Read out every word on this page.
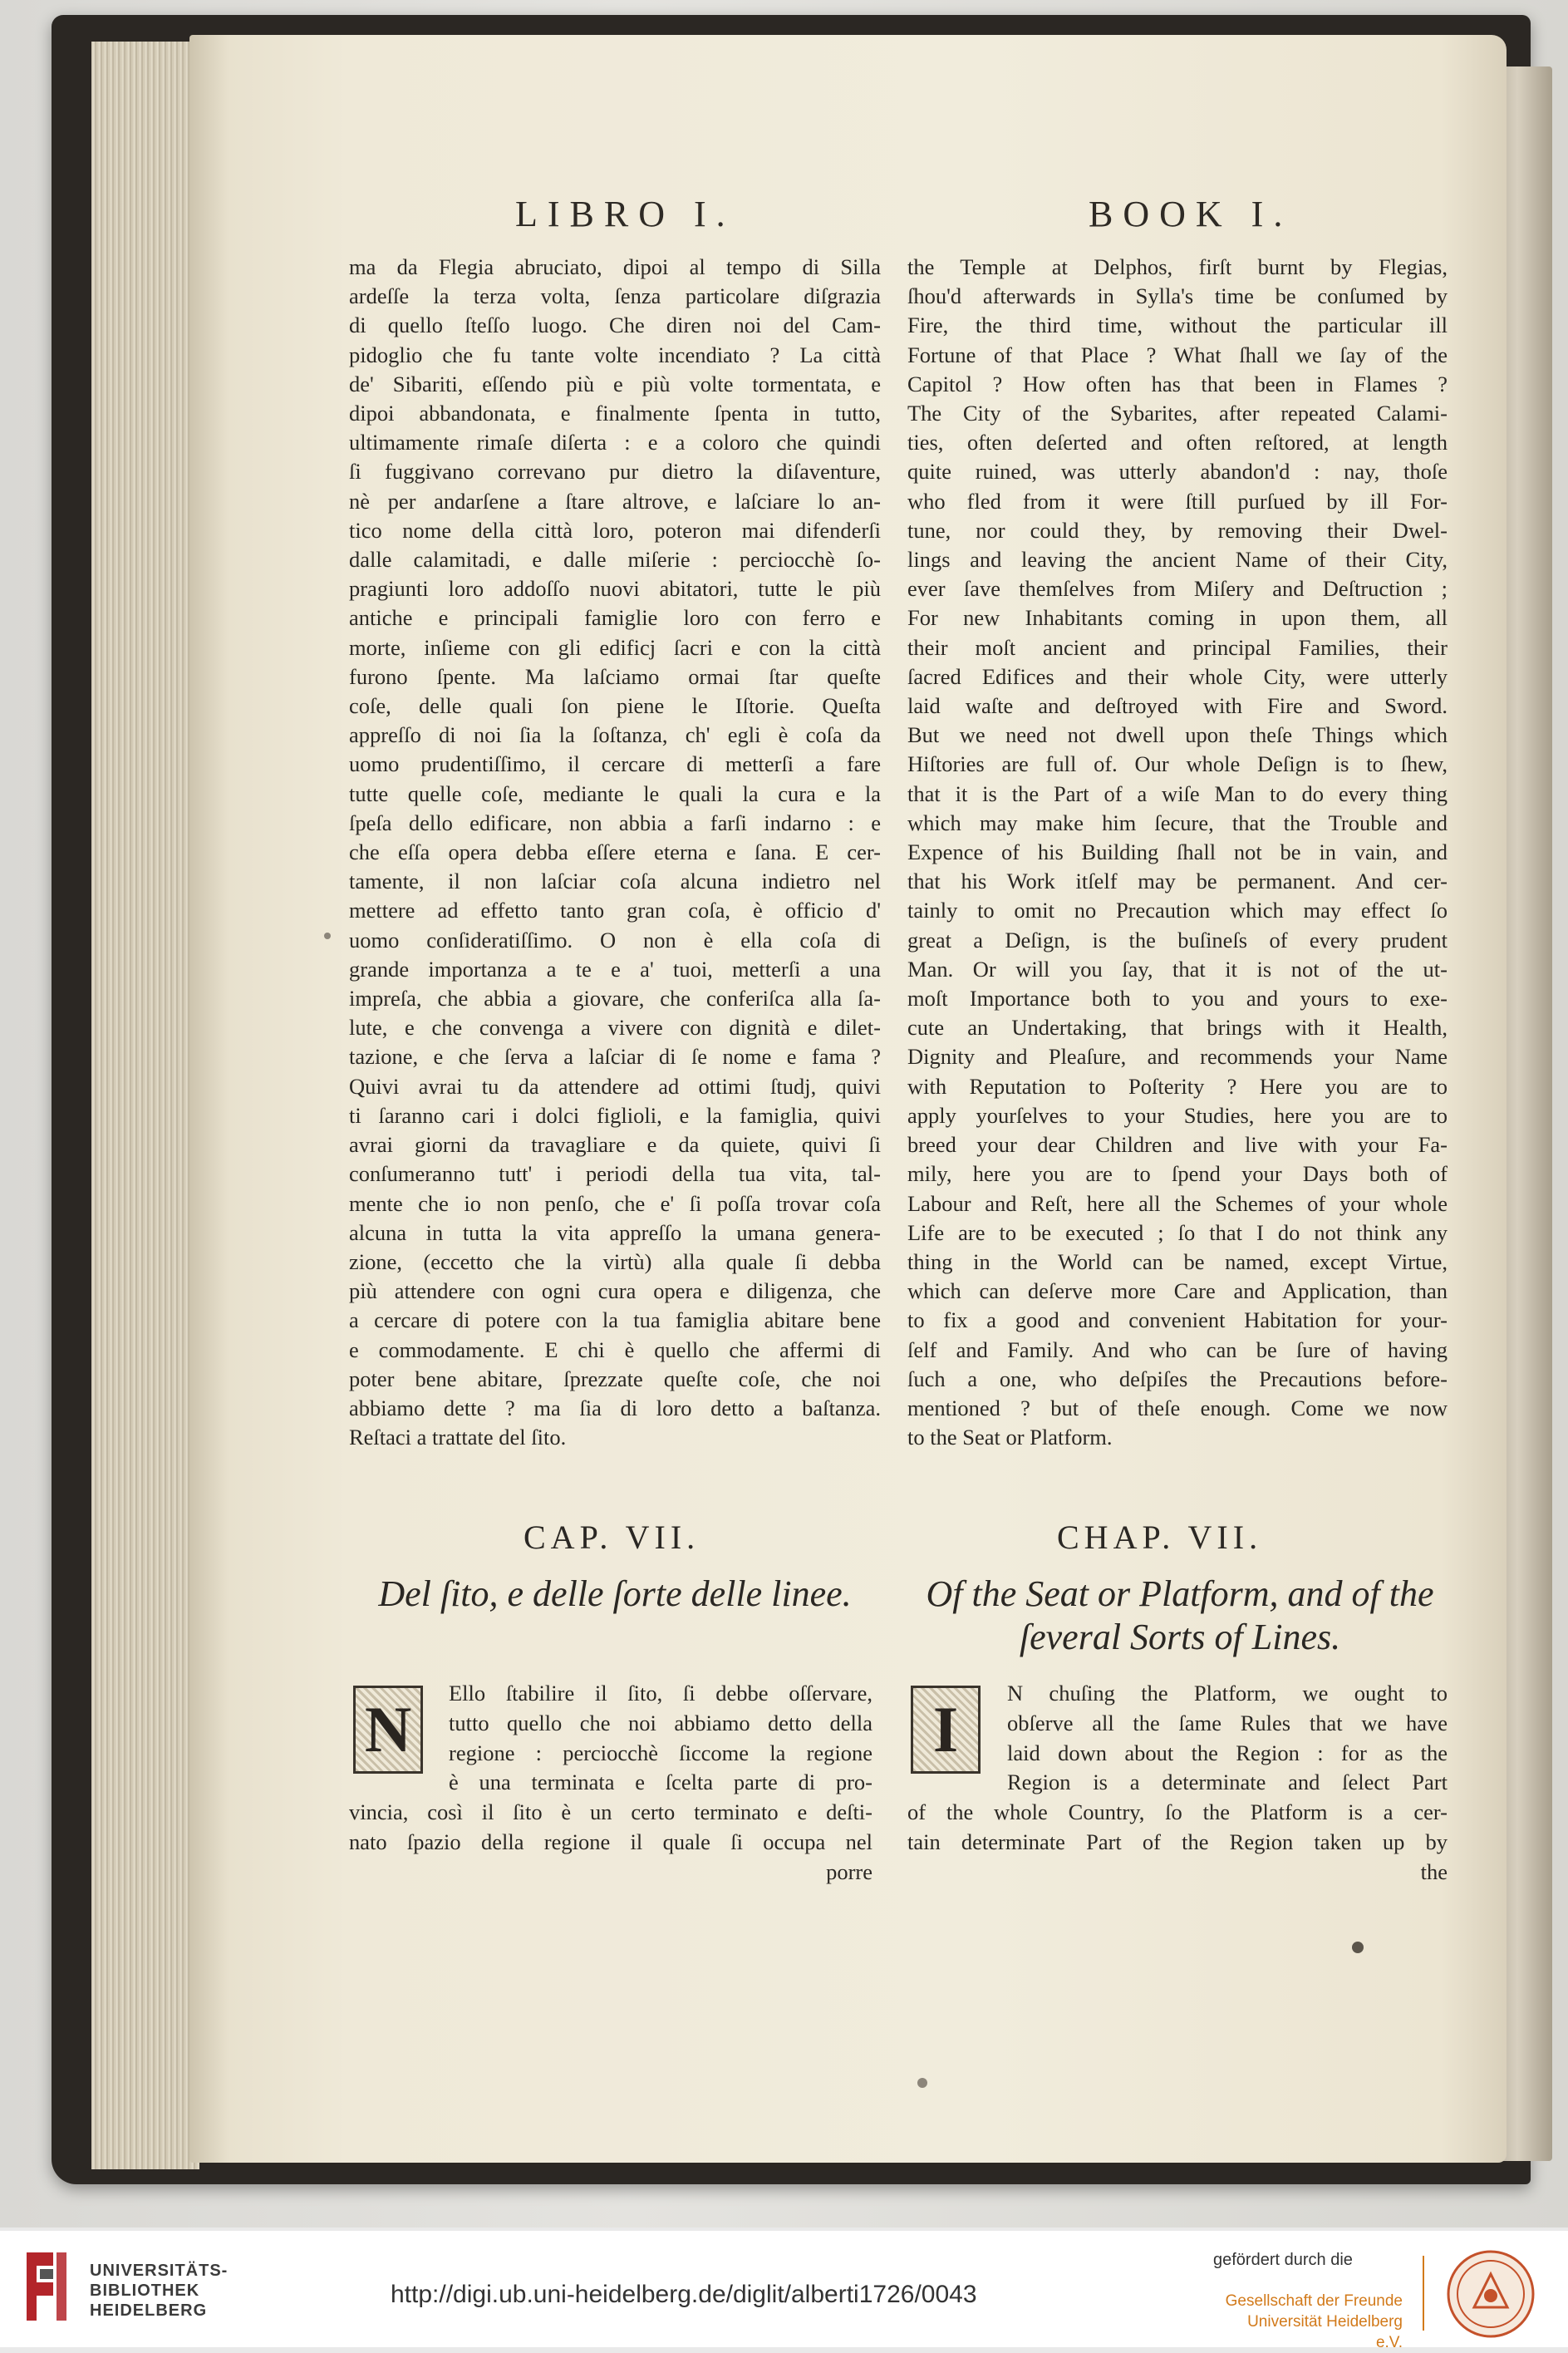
LIBRO I.	BOOK I.
ma da Flegia abruciato, dipoi al tempo di Silla
ardeſſe la terza volta, ſenza particolare diſgrazia
di quello ſteſſo luogo. Che diren noi del Cam-
pidoglio che fu tante volte incendiato ? La città
de' Sibariti, eſſendo più e più volte tormentata, e
dipoi abbandonata, e finalmente ſpenta in tutto,
ultimamente rimaſe diſerta : e a coloro che quindi
ſi fuggivano correvano pur dietro la diſaventure,
nè per andarſene a ſtare altrove, e laſciare lo an-
tico nome della città loro, poteron mai difenderſi
dalle calamitadi, e dalle miſerie : perciocchè ſo-
pragiunti loro addoſſo nuovi abitatori, tutte le più
antiche e principali famiglie loro con ferro e
morte, inſieme con gli edificj ſacri e con la città
furono ſpente. Ma laſciamo ormai ſtar queſte
coſe, delle quali ſon piene le Iſtorie. Queſta
appreſſo di noi ſia la ſoſtanza, ch' egli è coſa da
uomo prudentiſſimo, il cercare di metterſi a fare
tutte quelle coſe, mediante le quali la cura e la
ſpeſa dello edificare, non abbia a farſi indarno : e
che eſſa opera debba eſſere eterna e ſana. E cer-
tamente, il non laſciar coſa alcuna indietro nel
mettere ad effetto tanto gran coſa, è officio d'
uomo conſideratiſſimo. O non è ella coſa di
grande importanza a te e a' tuoi, metterſi a una
impreſa, che abbia a giovare, che conferiſca alla ſa-
lute, e che convenga a vivere con dignità e dilet-
tazione, e che ſerva a laſciar di ſe nome e fama ?
Quivi avrai tu da attendere ad ottimi ſtudj, quivi
ti ſaranno cari i dolci figlioli, e la famiglia, quivi
avrai giorni da travagliare e da quiete, quivi ſi
conſumeranno tutt' i periodi della tua vita, tal-
mente che io non penſo, che e' ſi poſſa trovar coſa
alcuna in tutta la vita appreſſo la umana genera-
zione, (eccetto che la virtù) alla quale ſi debba
più attendere con ogni cura opera e diligenza, che
a cercare di potere con la tua famiglia abitare bene
e commodamente. E chi è quello che affermi di
poter bene abitare, ſprezzate queſte coſe, che noi
abbiamo dette ? ma ſia di loro detto a baſtanza.
Reſtaci a trattate del ſito.
the Temple at Delphos, firſt burnt by Flegias,
ſhou'd afterwards in Sylla's time be conſumed by
Fire, the third time, without the particular ill
Fortune of that Place ? What ſhall we ſay of the
Capitol ? How often has that been in Flames ?
The City of the Sybarites, after repeated Calami-
ties, often deſerted and often reſtored, at length
quite ruined, was utterly abandon'd : nay, thoſe
who fled from it were ſtill purſued by ill For-
tune, nor could they, by removing their Dwel-
lings and leaving the ancient Name of their City,
ever ſave themſelves from Miſery and Deſtruction ;
For new Inhabitants coming in upon them, all
their moſt ancient and principal Families, their
ſacred Edifices and their whole City, were utterly
laid waſte and deſtroyed with Fire and Sword.
But we need not dwell upon theſe Things which
Hiſtories are full of. Our whole Deſign is to ſhew,
that it is the Part of a wiſe Man to do every thing
which may make him ſecure, that the Trouble and
Expence of his Building ſhall not be in vain, and
that his Work itſelf may be permanent. And cer-
tainly to omit no Precaution which may effect ſo
great a Deſign, is the buſineſs of every prudent
Man. Or will you ſay, that it is not of the ut-
moſt Importance both to you and yours to exe-
cute an Undertaking, that brings with it Health,
Dignity and Pleaſure, and recommends your Name
with Reputation to Poſterity ? Here you are to
apply yourſelves to your Studies, here you are to
breed your dear Children and live with your Fa-
mily, here you are to ſpend your Days both of
Labour and Reſt, here all the Schemes of your whole
Life are to be executed ; ſo that I do not think any
thing in the World can be named, except Virtue,
which can deſerve more Care and Application, than
to fix a good and convenient Habitation for your-
ſelf and Family. And who can be ſure of having
ſuch a one, who deſpiſes the Precautions before-
mentioned ? but of theſe enough. Come we now
to the Seat or Platform.
CAP. VII.	CHAP. VII.
Del ſito, e delle ſorte delle linee.	Of the Seat or Platform, and of the
ſeveral Sorts of Lines.
N	I
Ello ſtabilire il ſito, ſi debbe oſſervare,
tutto quello che noi abbiamo detto della
regione : perciocchè ſiccome la regione
è una terminata e ſcelta parte di pro-
vincia, così il ſito è un certo terminato e deſti-
nato ſpazio della regione il quale ſi occupa nel
porre
N chuſing the Platform, we ought to
obſerve all the ſame Rules that we have
laid down about the Region : for as the
Region is a determinate and ſelect Part
of the whole Country, ſo the Platform is a cer-
tain determinate Part of the Region taken up by
the
UNIVERSITÄTS-
BIBLIOTHEK
HEIDELBERG
http://digi.ub.uni-heidelberg.de/diglit/alberti1726/0043
gefördert durch die
Gesellschaft der Freunde
Universität Heidelberg e.V.
